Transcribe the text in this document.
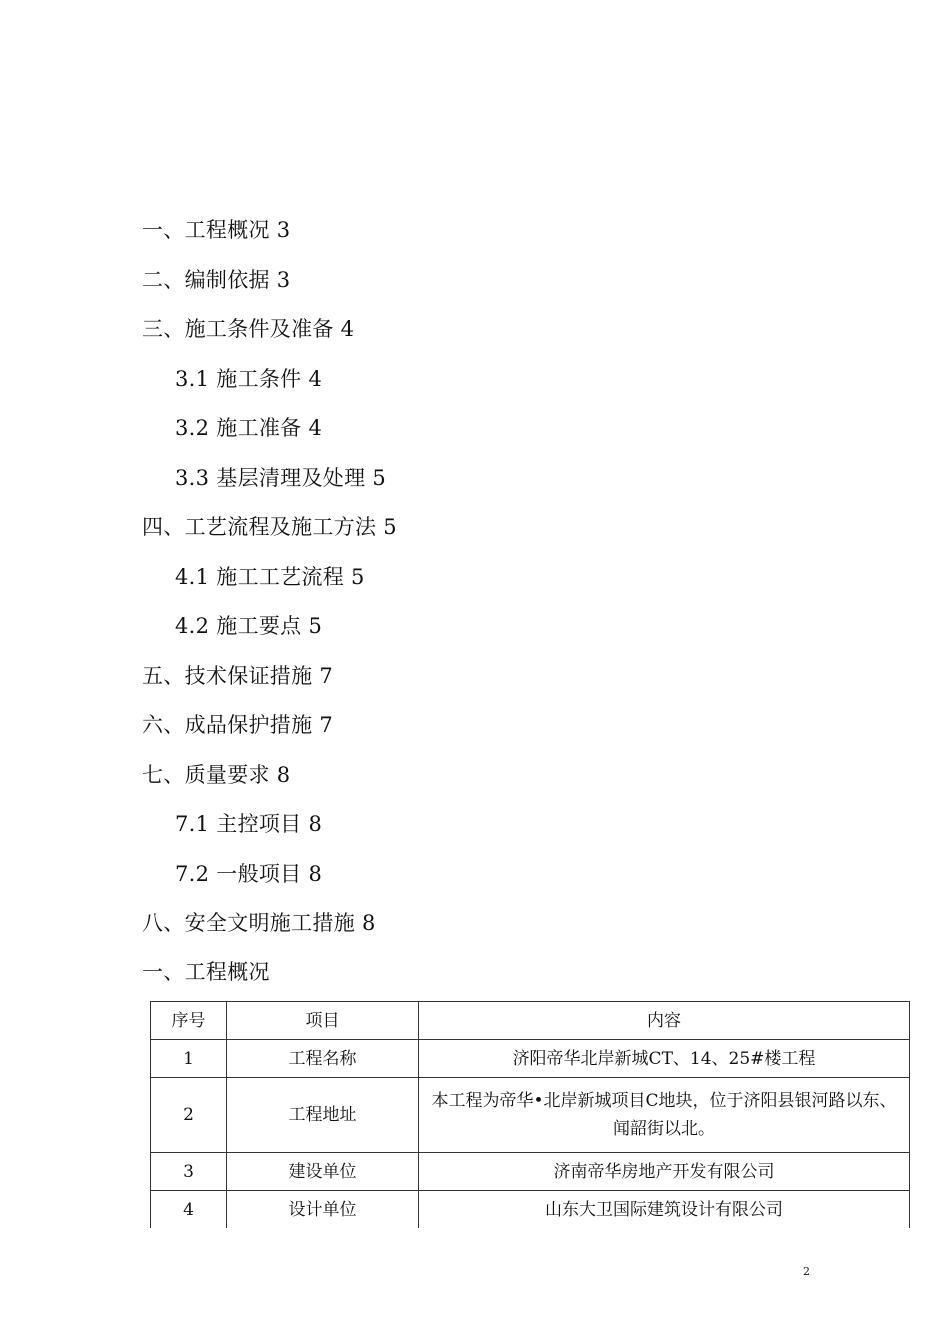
一、工程概况 3
二、编制依据 3
三、施工条件及准备 4
3.1 施工条件 4
3.2 施工准备 4
3.3 基层清理及处理 5
四、工艺流程及施工方法 5
4.1 施工工艺流程 5
4.2 施工要点 5
五、技术保证措施 7
六、成品保护措施 7
七、质量要求 8
7.1 主控项目 8
7.2 一般项目 8
八、安全文明施工措施 8
一、工程概况
序号	项目	内容
1	工程名称	济阳帝华北岸新城CT、14、25#楼工程
2	工程地址	本工程为帝华•北岸新城项目C地块，位于济阳县银河路以东、闻韶街以北。
3	建设单位	济南帝华房地产开发有限公司
4	设计单位	山东大卫国际建筑设计有限公司
2
